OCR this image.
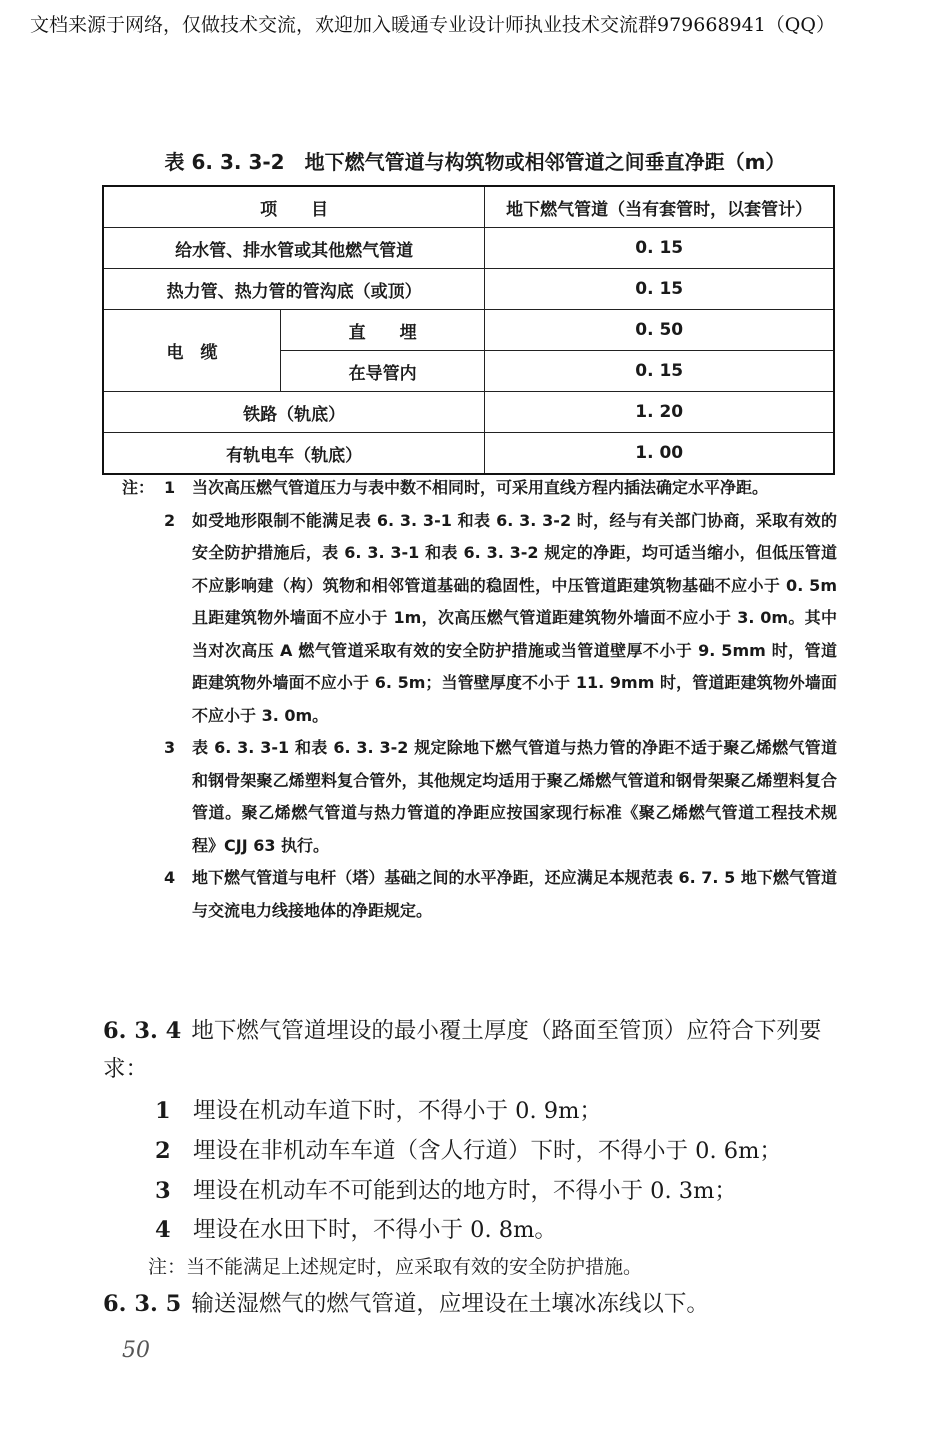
文档来源于网络，仅做技术交流，欢迎加入暖通专业设计师执业技术交流群979668941（QQ）
表 6. 3. 3-2　地下燃气管道与构筑物或相邻管道之间垂直净距（m）
项　　目		地下燃气管道（当有套管时，以套管计）
给水管、排水管或其他燃气管道		0. 15
热力管、热力管的管沟底（或顶）		0. 15
电　缆	直　　埋	0. 50
	在导管内	0. 15
铁路（轨底）		1. 20
有轨电车（轨底）		1. 00
注： 1	当次高压燃气管道压力与表中数不相同时，可采用直线方程内插法确定水平净距。
2	如受地形限制不能满足表 6. 3. 3-1 和表 6. 3. 3-2 时，经与有关部门协商，采取有效的安全防护措施后，表 6. 3. 3-1 和表 6. 3. 3-2 规定的净距，均可适当缩小，但低压管道不应影响建（构）筑物和相邻管道基础的稳固性，中压管道距建筑物基础不应小于 0. 5m 且距建筑物外墙面不应小于 1m，次高压燃气管道距建筑物外墙面不应小于 3. 0m。其中当对次高压 A 燃气管道采取有效的安全防护措施或当管道壁厚不小于 9. 5mm 时，管道距建筑物外墙面不应小于 6. 5m；当管壁厚度不小于 11. 9mm 时，管道距建筑物外墙面不应小于 3. 0m。
3	表 6. 3. 3-1 和表 6. 3. 3-2 规定除地下燃气管道与热力管的净距不适于聚乙烯燃气管道和钢骨架聚乙烯塑料复合管外，其他规定均适用于聚乙烯燃气管道和钢骨架聚乙烯塑料复合管道。聚乙烯燃气管道与热力管道的净距应按国家现行标准《聚乙烯燃气管道工程技术规程》CJJ 63 执行。
4	地下燃气管道与电杆（塔）基础之间的水平净距，还应满足本规范表 6. 7. 5 地下燃气管道与交流电力线接地体的净距规定。
6. 3. 4 地下燃气管道埋设的最小覆土厚度（路面至管顶）应符合下列要求：
1 埋设在机动车道下时，不得小于 0. 9m；
2 埋设在非机动车车道（含人行道）下时，不得小于 0. 6m；
3 埋设在机动车不可能到达的地方时，不得小于 0. 3m；
4 埋设在水田下时，不得小于 0. 8m。
注：当不能满足上述规定时，应采取有效的安全防护措施。
6. 3. 5 输送湿燃气的燃气管道，应埋设在土壤冰冻线以下。
50
